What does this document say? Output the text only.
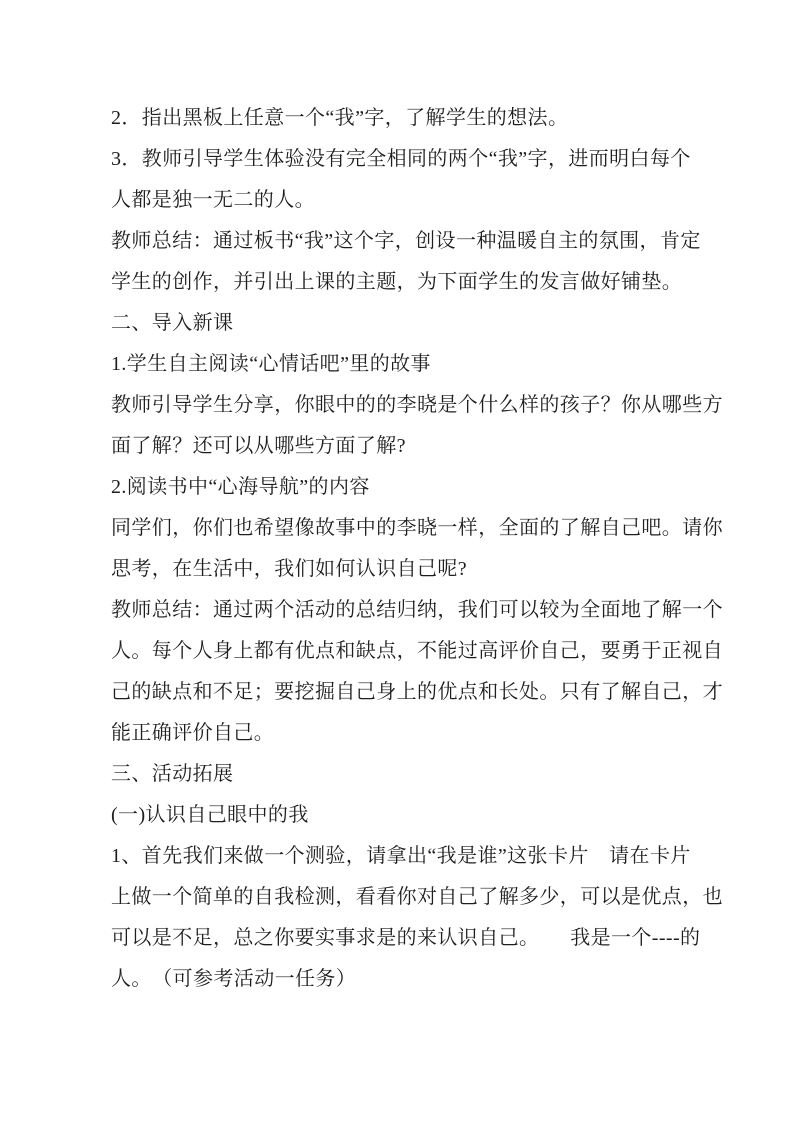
2．指出黑板上任意一个“我”字，了解学生的想法。
3．教师引导学生体验没有完全相同的两个“我”字，进而明白每个
人都是独一无二的人。
教师总结：通过板书“我”这个字，创设一种温暖自主的氛围，肯定
学生的创作，并引出上课的主题，为下面学生的发言做好铺垫。
二、导入新课
1.学生自主阅读“心情话吧”里的故事
教师引导学生分享，你眼中的的李晓是个什么样的孩子？你从哪些方
面了解？还可以从哪些方面了解?
2.阅读书中“心海导航”的内容
同学们，你们也希望像故事中的李晓一样，全面的了解自己吧。请你
思考，在生活中，我们如何认识自己呢?
教师总结：通过两个活动的总结归纳，我们可以较为全面地了解一个
人。每个人身上都有优点和缺点，不能过高评价自己，要勇于正视自
己的缺点和不足；要挖掘自己身上的优点和长处。只有了解自己，才
能正确评价自己。
三、活动拓展
(一)认识自己眼中的我
1、首先我们来做一个测验，请拿出“我是谁”这张卡片　请在卡片
上做一个简单的自我检测，看看你对自己了解多少，可以是优点，也
可以是不足，总之你要实事求是的来认识自己。　　我是一个----的
人。　（可参考活动一任务）
